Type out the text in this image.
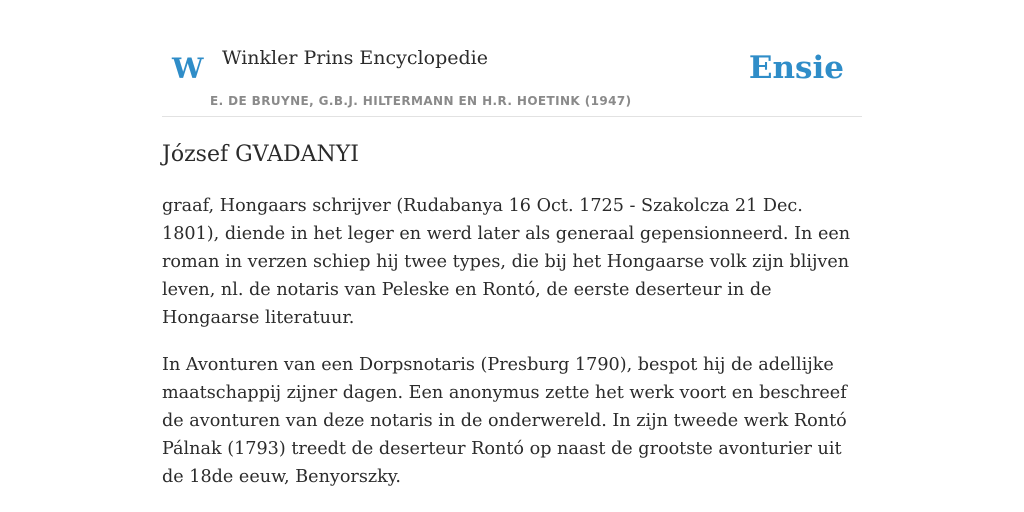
W Winkler Prins Encyclopedie
E. DE BRUYNE, G.B.J. HILTERMANN EN H.R. HOETINK (1947)
Ensie
József GVADANYI

graaf, Hongaars schrijver (Rudabanya 16 Oct. 1725 - Szakolcza 21 Dec. 1801), diende in het leger en werd later als generaal gepensionneerd. In een roman in verzen schiep hij twee types, die bij het Hongaarse volk zijn blijven leven, nl. de notaris van Peleske en Rontó, de eerste deserteur in de Hongaarse literatuur.

In Avonturen van een Dorpsnotaris (Presburg 1790), bespot hij de adellijke maatschappij zijner dagen. Een anonymus zette het werk voort en beschreef de avonturen van deze notaris in de onderwereld. In zijn tweede werk Rontó Pálnak (1793) treedt de deserteur Rontó op naast de grootste avonturier uit de 18de eeuw, Benyorszky.
